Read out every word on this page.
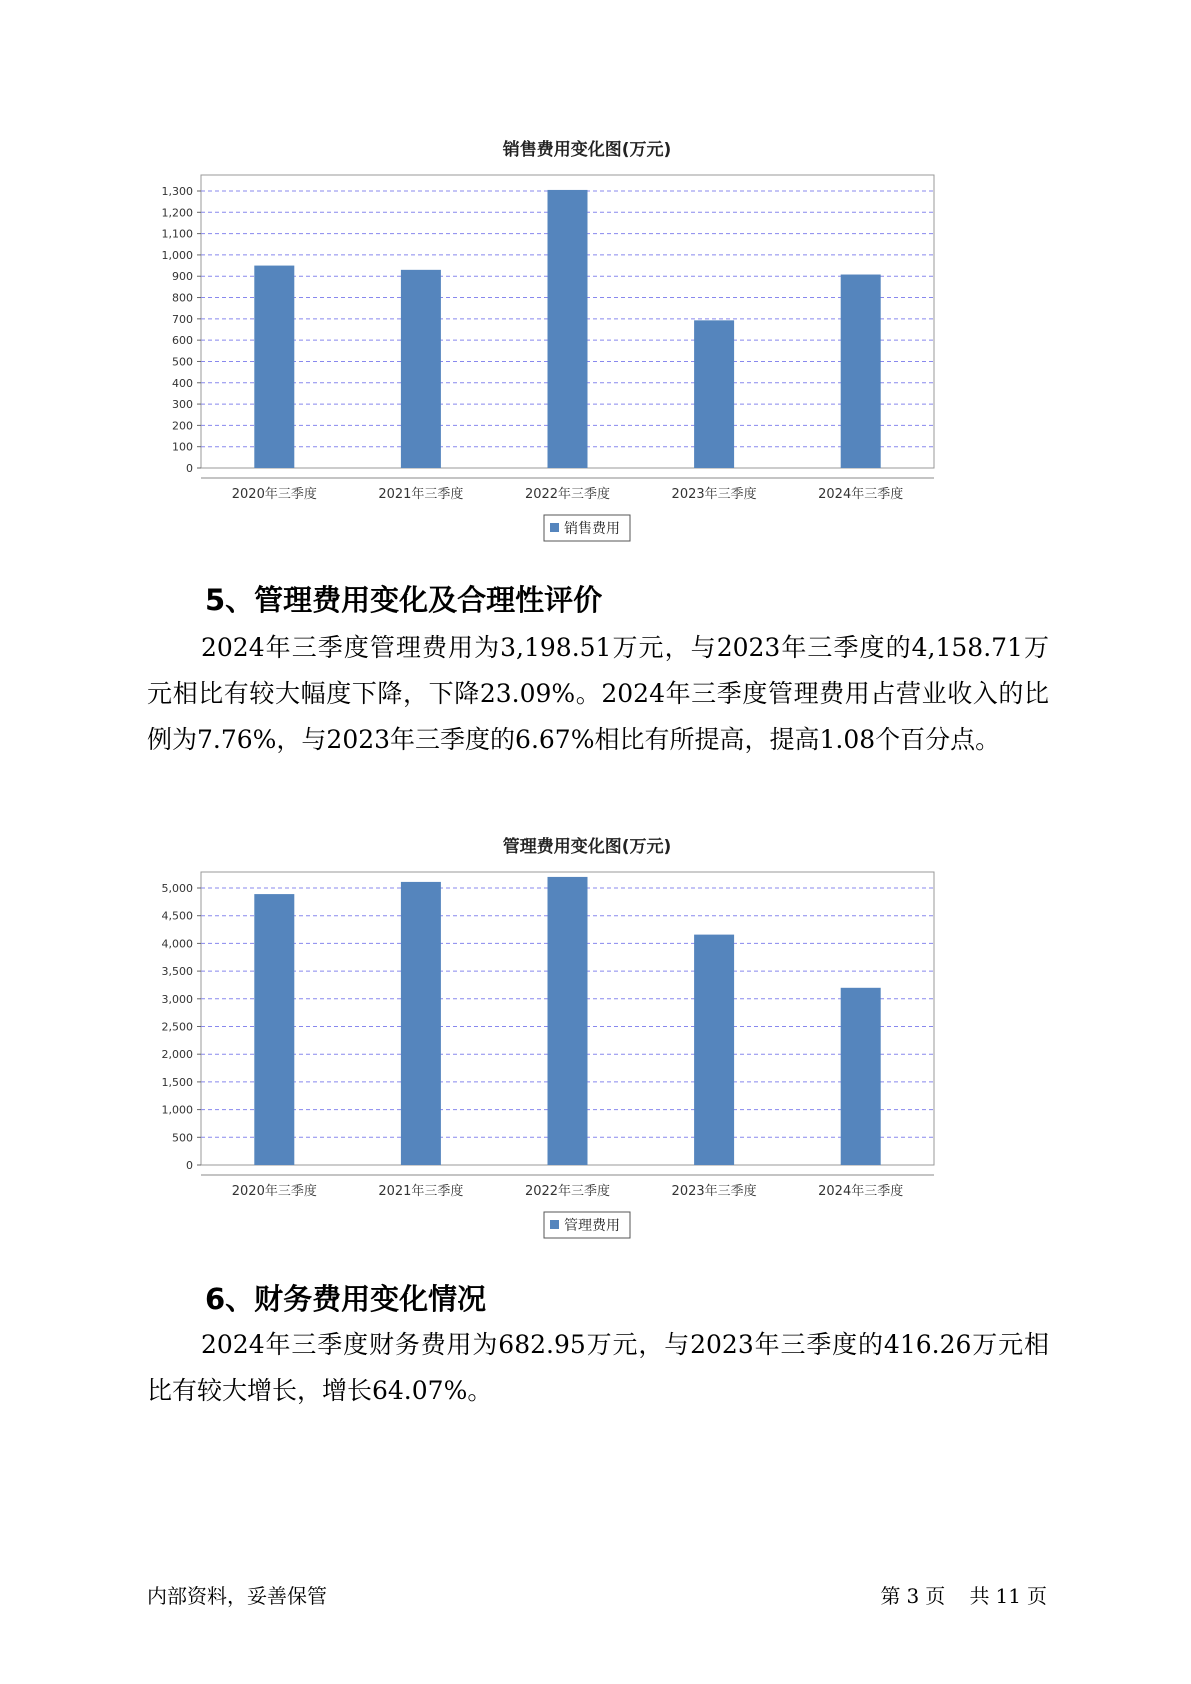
销售费用变化图(万元)
0
100
200
300
400
500
600
700
800
900
1,000
1,100
1,200
1,300
2020年三季度	2021年三季度	2022年三季度	2023年三季度	2024年三季度
销售费用
5、管理费用变化及合理性评价

2024年三季度管理费用为3,198.51万元，与2023年三季度的4,158.71万元相比有较大幅度下降，下降23.09%。2024年三季度管理费用占营业收入的比例为7.76%，与2023年三季度的6.67%相比有所提高，提高1.08个百分点。

管理费用变化图(万元)
0
500
1,000
1,500
2,000
2,500
3,000
3,500
4,000
4,500
5,000
2020年三季度	2021年三季度	2022年三季度	2023年三季度	2024年三季度
管理费用
6、财务费用变化情况

2024年三季度财务费用为682.95万元，与2023年三季度的416.26万元相比有较大增长，增长64.07%。

内部资料，妥善保管	第 3 页 共 11 页
